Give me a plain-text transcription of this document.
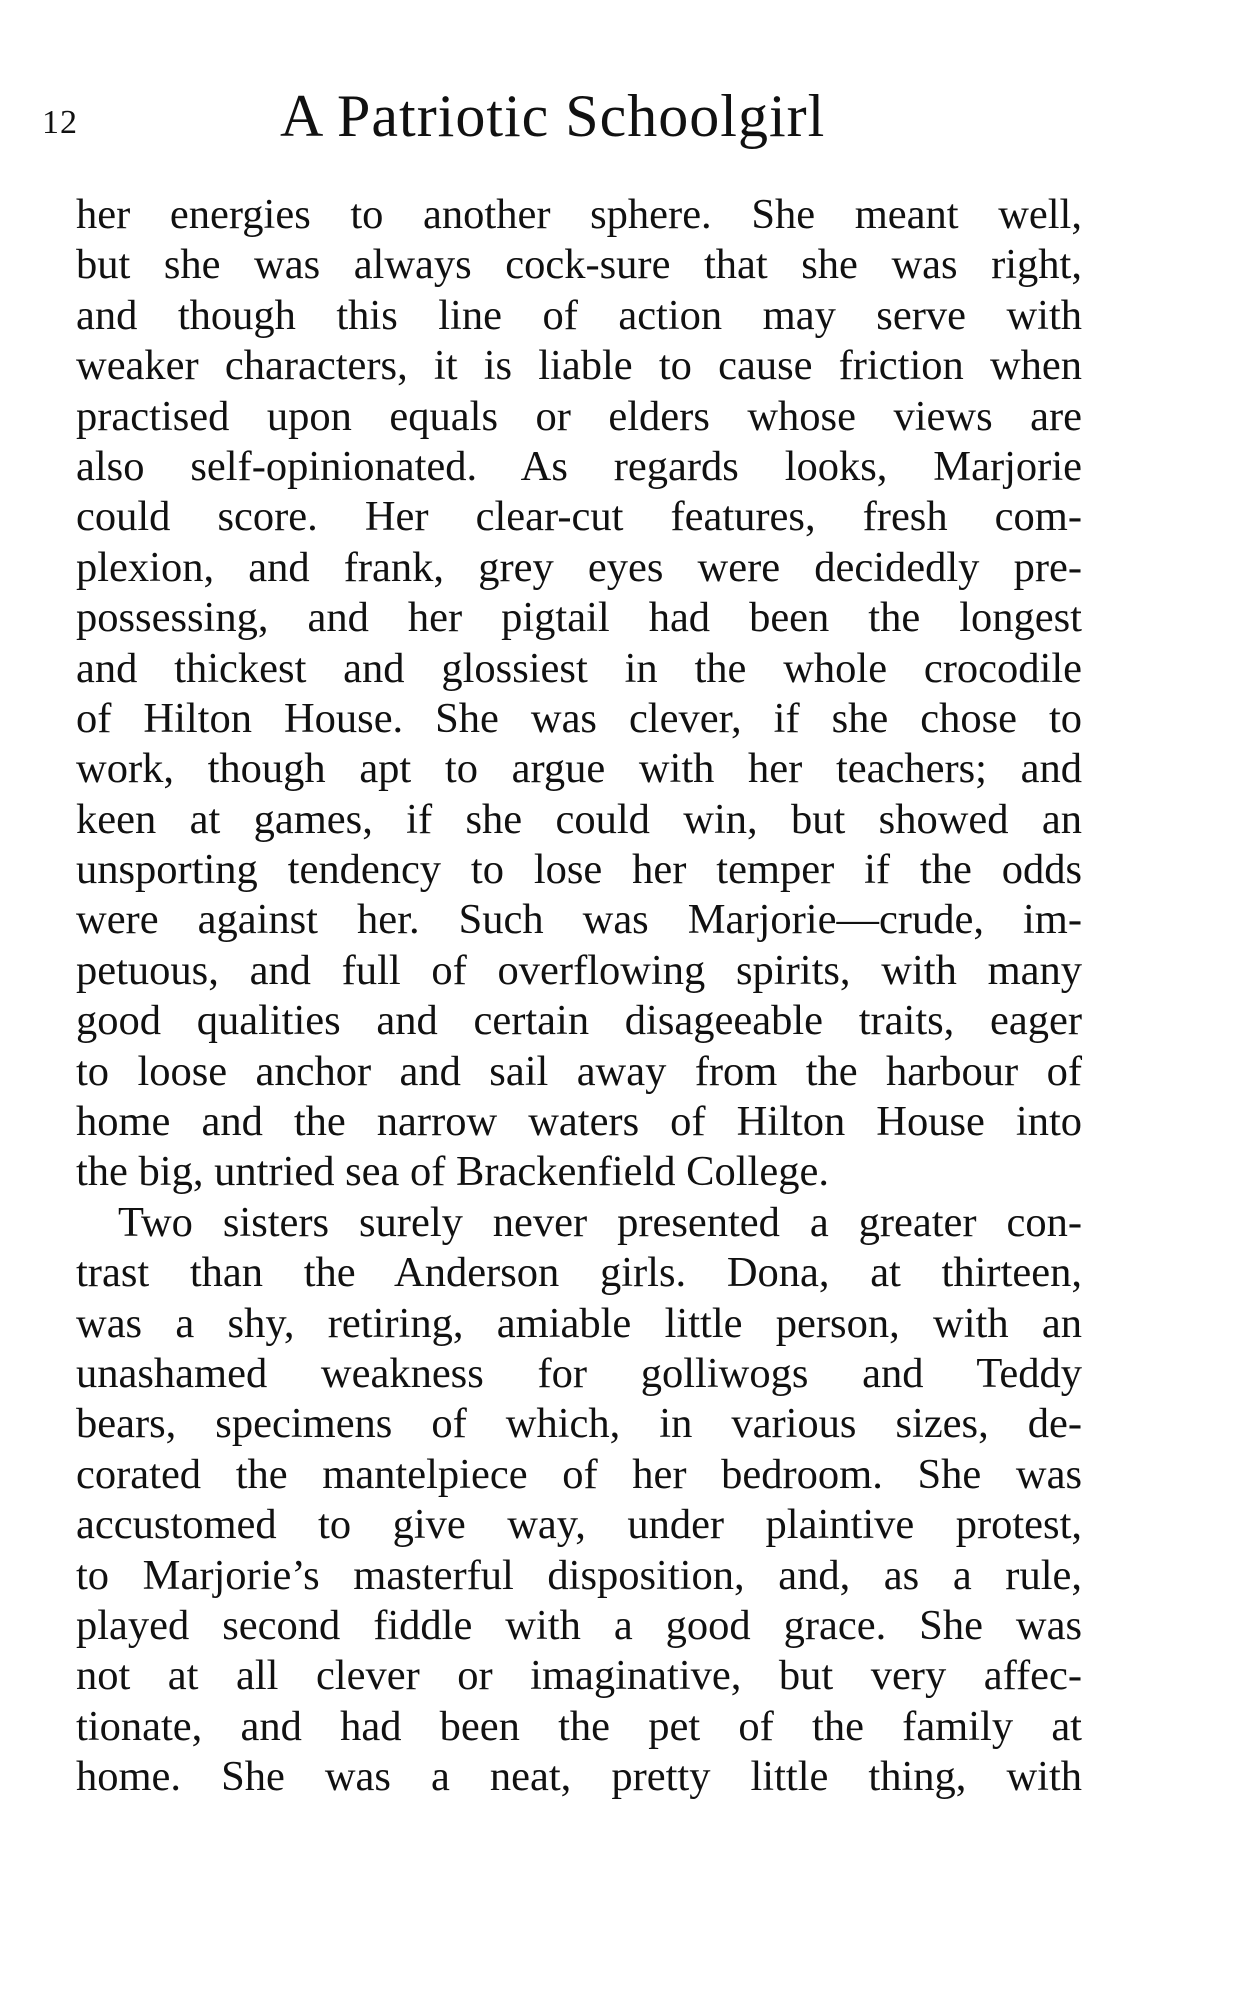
12	A Patriotic Schoolgirl
her energies to another sphere. She meant well,
but she was always cock-sure that she was right,
and though this line of action may serve with
weaker characters, it is liable to cause friction when
practised upon equals or elders whose views are
also self-opinionated. As regards looks, Marjorie
could score. Her clear-cut features, fresh com-
plexion, and frank, grey eyes were decidedly pre-
possessing, and her pigtail had been the longest
and thickest and glossiest in the whole crocodile
of Hilton House. She was clever, if she chose to
work, though apt to argue with her teachers; and
keen at games, if she could win, but showed an
unsporting tendency to lose her temper if the odds
were against her. Such was Marjorie—crude, im-
petuous, and full of overflowing spirits, with many
good qualities and certain disageeable traits, eager
to loose anchor and sail away from the harbour of
home and the narrow waters of Hilton House into
the big, untried sea of Brackenfield College.
Two sisters surely never presented a greater con-
trast than the Anderson girls. Dona, at thirteen,
was a shy, retiring, amiable little person, with an
unashamed weakness for golliwogs and Teddy
bears, specimens of which, in various sizes, de-
corated the mantelpiece of her bedroom. She was
accustomed to give way, under plaintive protest,
to Marjorie’s masterful disposition, and, as a rule,
played second fiddle with a good grace. She was
not at all clever or imaginative, but very affec-
tionate, and had been the pet of the family at
home. She was a neat, pretty little thing, with
